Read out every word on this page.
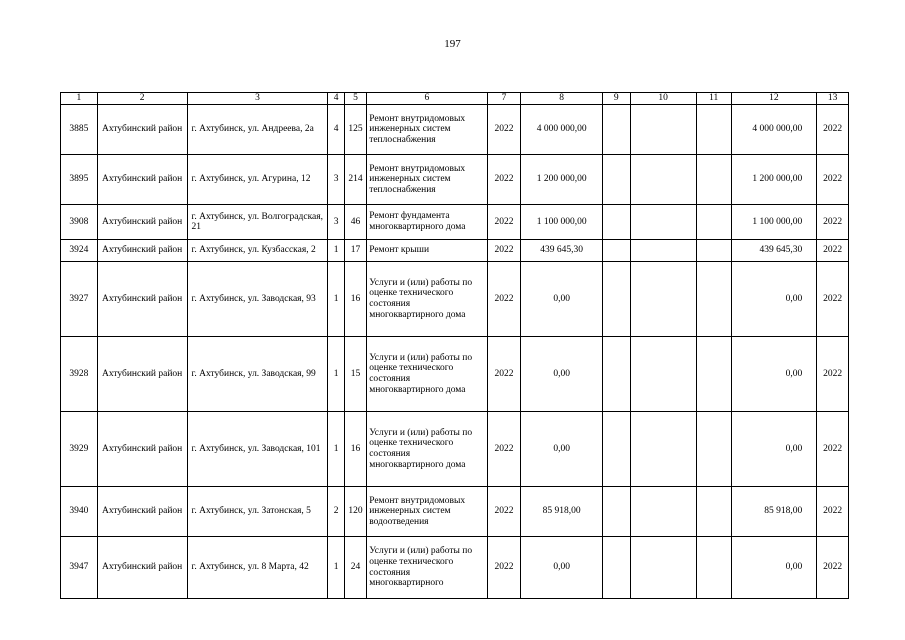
197
1	2	3	4	5	6	7	8	9	10	11	12	13
3885	Ахтубинский район	г. Ахтубинск, ул. Андреева, 2а	4	125	Ремонт внутридомовых инженерных систем теплоснабжения	2022	4 000 000,00				4 000 000,00	2022
3895	Ахтубинский район	г. Ахтубинск, ул. Агурина, 12	3	214	Ремонт внутридомовых инженерных систем теплоснабжения	2022	1 200 000,00				1 200 000,00	2022
3908	Ахтубинский район	г. Ахтубинск, ул. Волгоградская, 21	3	46	Ремонт фундамента многоквартирного дома	2022	1 100 000,00				1 100 000,00	2022
3924	Ахтубинский район	г. Ахтубинск, ул. Кузбасская, 2	1	17	Ремонт крыши	2022	439 645,30				439 645,30	2022
3927	Ахтубинский район	г. Ахтубинск, ул. Заводская, 93	1	16	Услуги и (или) работы по оценке технического состояния многоквартирного дома	2022	0,00				0,00	2022
3928	Ахтубинский район	г. Ахтубинск, ул. Заводская, 99	1	15	Услуги и (или) работы по оценке технического состояния многоквартирного дома	2022	0,00				0,00	2022
3929	Ахтубинский район	г. Ахтубинск, ул. Заводская, 101	1	16	Услуги и (или) работы по оценке технического состояния многоквартирного дома	2022	0,00				0,00	2022
3940	Ахтубинский район	г. Ахтубинск, ул. Затонская, 5	2	120	Ремонт внутридомовых инженерных систем водоотведения	2022	85 918,00				85 918,00	2022
3947	Ахтубинский район	г. Ахтубинск, ул. 8 Марта, 42	1	24	Услуги и (или) работы по оценке технического состояния многоквартирного	2022	0,00				0,00	2022
